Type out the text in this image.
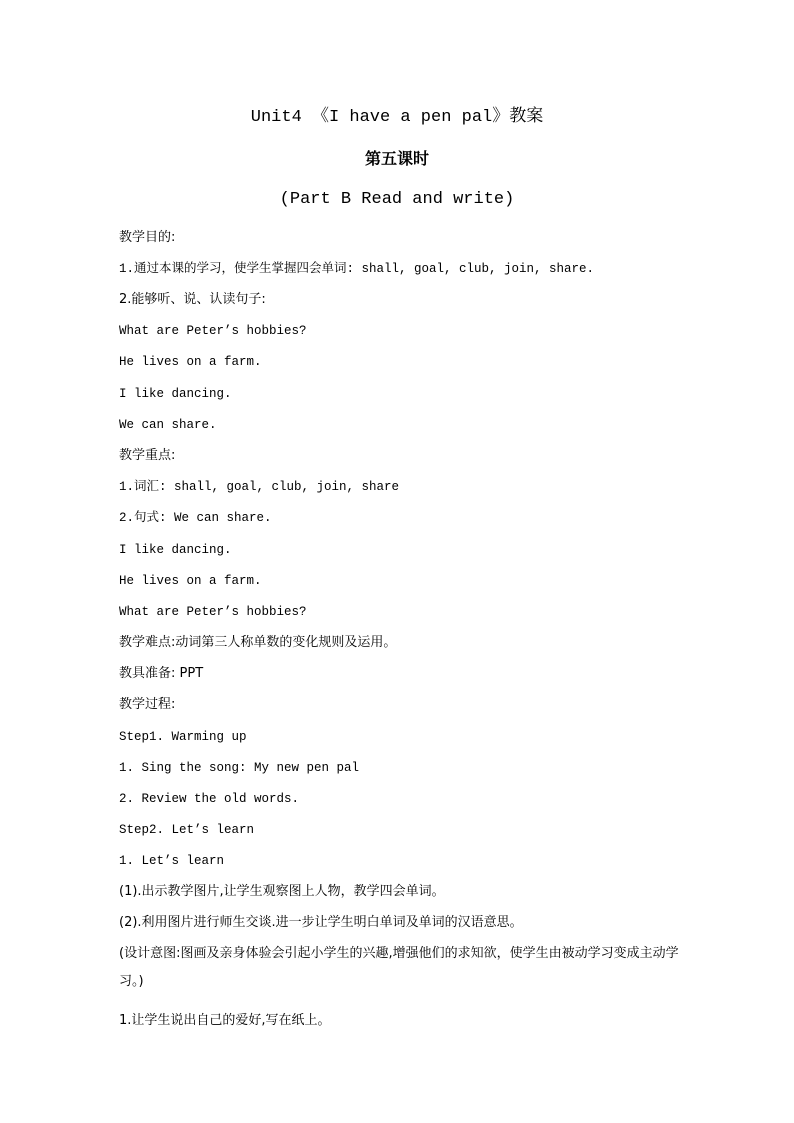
Unit4 《I have a pen pal》教案
第五课时
(Part B Read and write)
教学目的:
1.通过本课的学习，使学生掌握四会单词: shall, goal, club, join, share.
2.能够听、说、认读句子:
What are Peter’s hobbies?
He lives on a farm.
I like dancing.
We can share.
教学重点:
1.词汇: shall, goal, club, join, share
2.句式: We can share.
I like dancing.
He lives on a farm.
What are Peter’s hobbies?
教学难点:动词第三人称单数的变化规则及运用。
教具准备: PPT
教学过程:
Step1. Warming up
1. Sing the song: My new pen pal
2. Review the old words.
Step2. Let’s learn
1. Let’s learn
(1).出示教学图片,让学生观察图上人物，教学四会单词。
(2).利用图片进行师生交谈.进一步让学生明白单词及单词的汉语意思。
(设计意图:图画及亲身体验会引起小学生的兴趣,增强他们的求知欲，使学生由被动学习变成主动学习。)
1.让学生说出自己的爱好,写在纸上。
